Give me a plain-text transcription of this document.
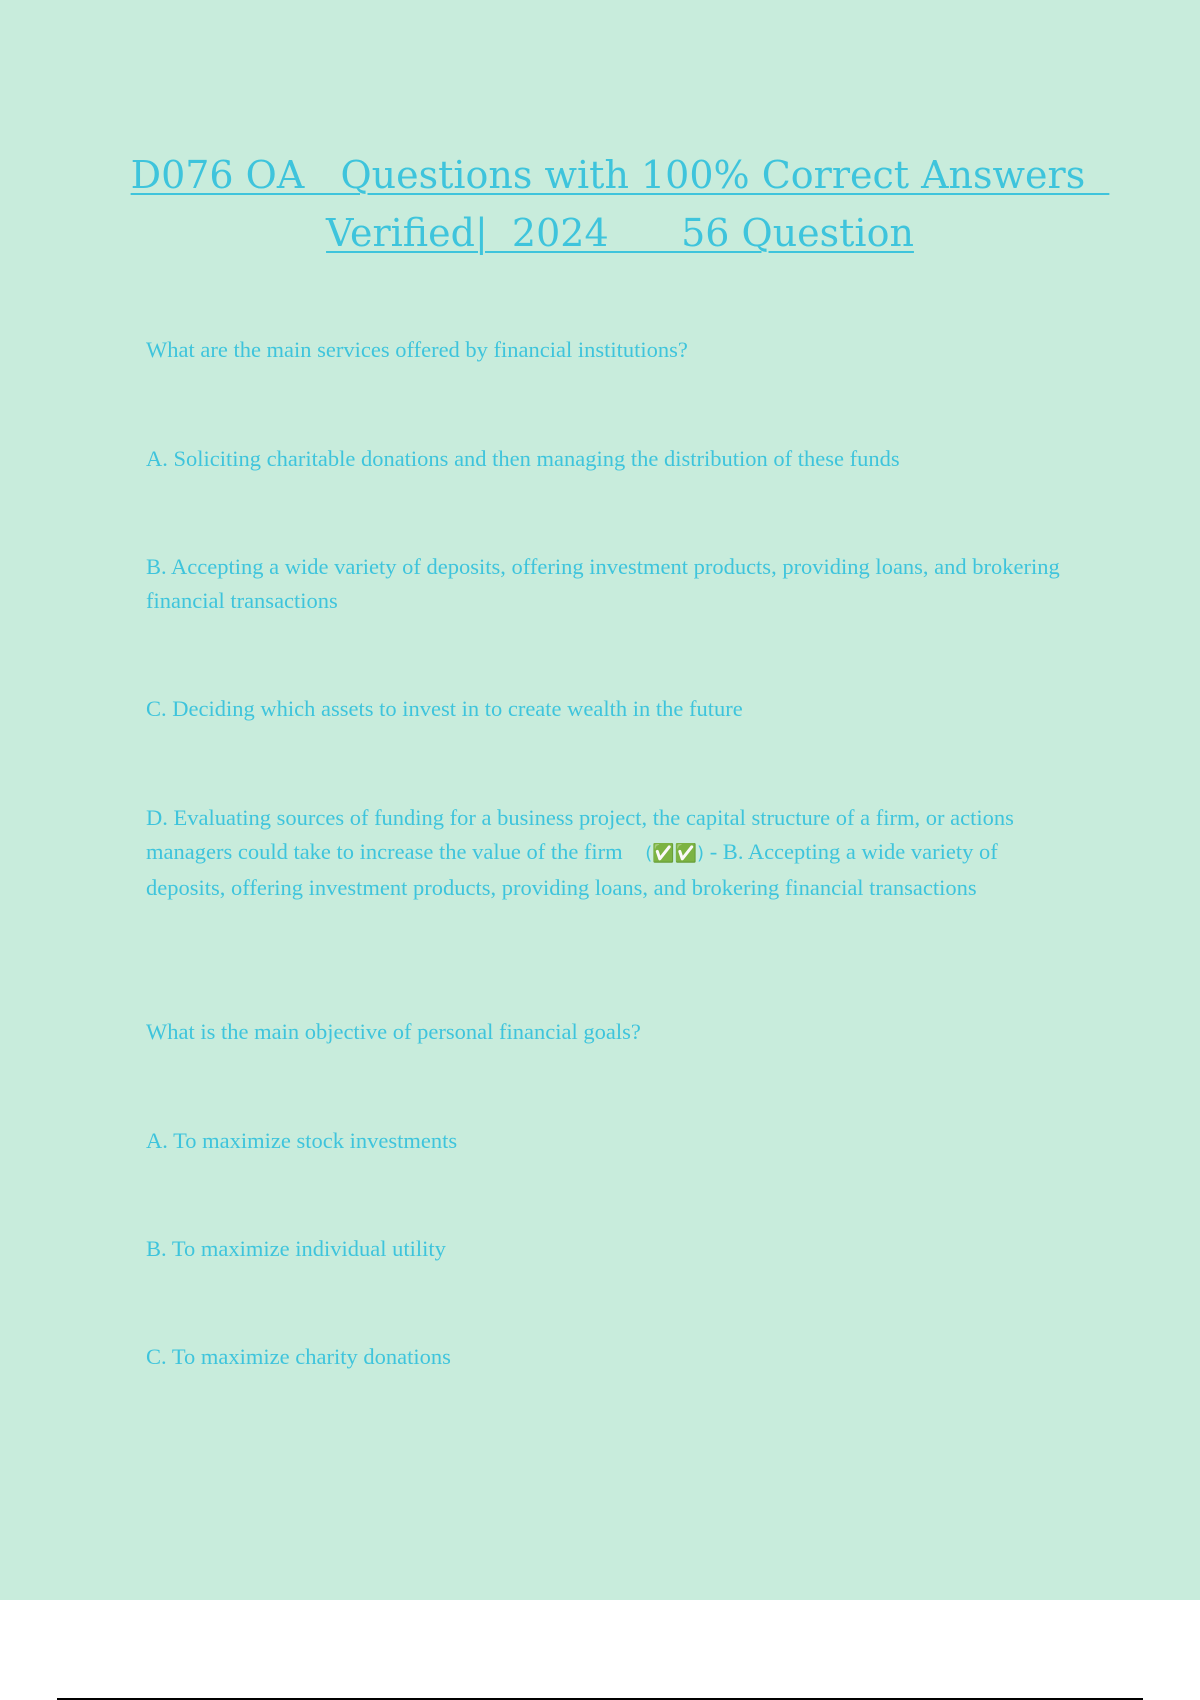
D076 OA   Questions with 100% Correct Answers
Verified|  2024      56 Question

What are the main services offered by financial institutions?

A. Soliciting charitable donations and then managing the distribution of these funds

B. Accepting a wide variety of deposits, offering investment products, providing loans, and brokering financial transactions

C. Deciding which assets to invest in to create wealth in the future

D. Evaluating sources of funding for a business project, the capital structure of a firm, or actions managers could take to increase the value of the firm (✅✅) - B. Accepting a wide variety of deposits, offering investment products, providing loans, and brokering financial transactions

What is the main objective of personal financial goals?

A. To maximize stock investments

B. To maximize individual utility

C. To maximize charity donations
